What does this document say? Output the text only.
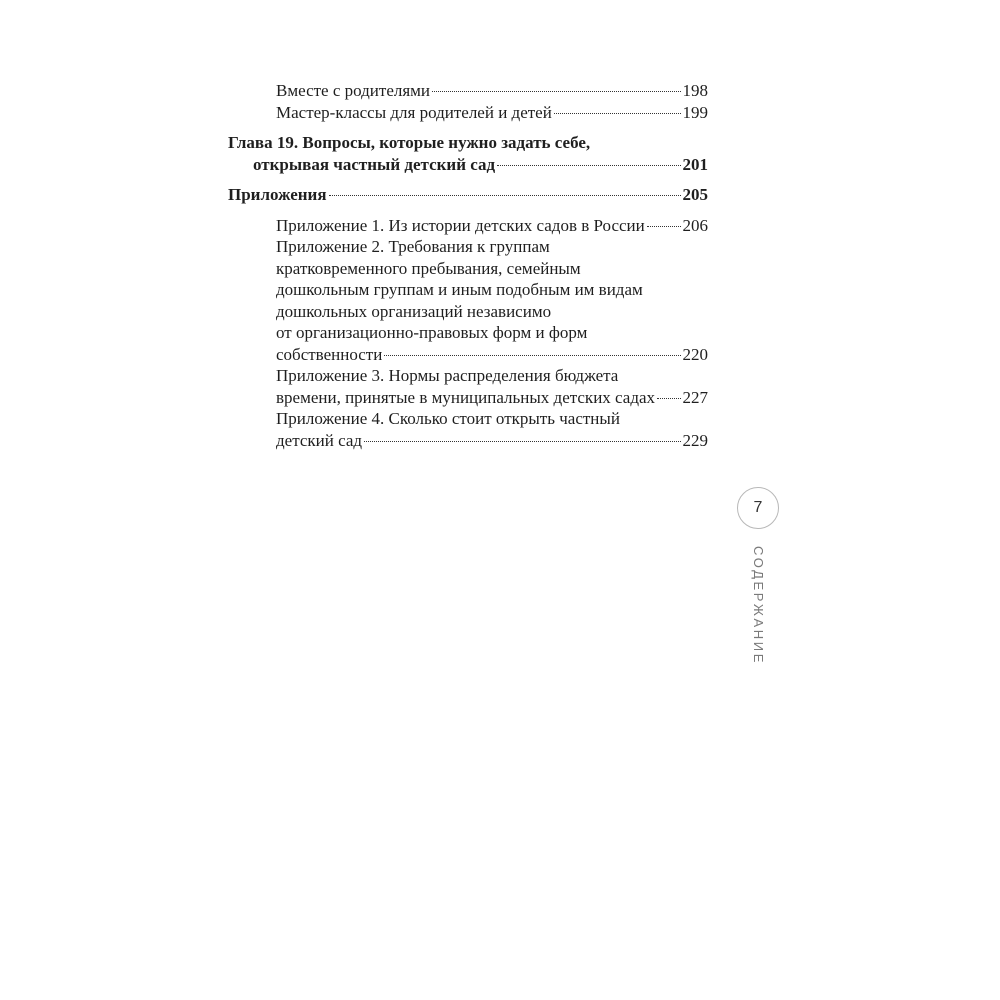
Вместе с родителями	198
Мастер-классы для родителей и детей	199
Глава 19. Вопросы, которые нужно задать себе,
открывая частный детский сад	201
Приложения	205
Приложение 1. Из истории детских садов в России 206
Приложение 2. Требования к группам
кратковременного пребывания, семейным
дошкольным группам и иным подобным им видам
дошкольных организаций независимо
от организационно-правовых форм и форм
собственности	220
Приложение 3. Нормы распределения бюджета
времени, принятые в муниципальных детских садах 227
Приложение 4. Сколько стоит открыть частный
детский сад	229
7
СОДЕРЖАНИЕ
